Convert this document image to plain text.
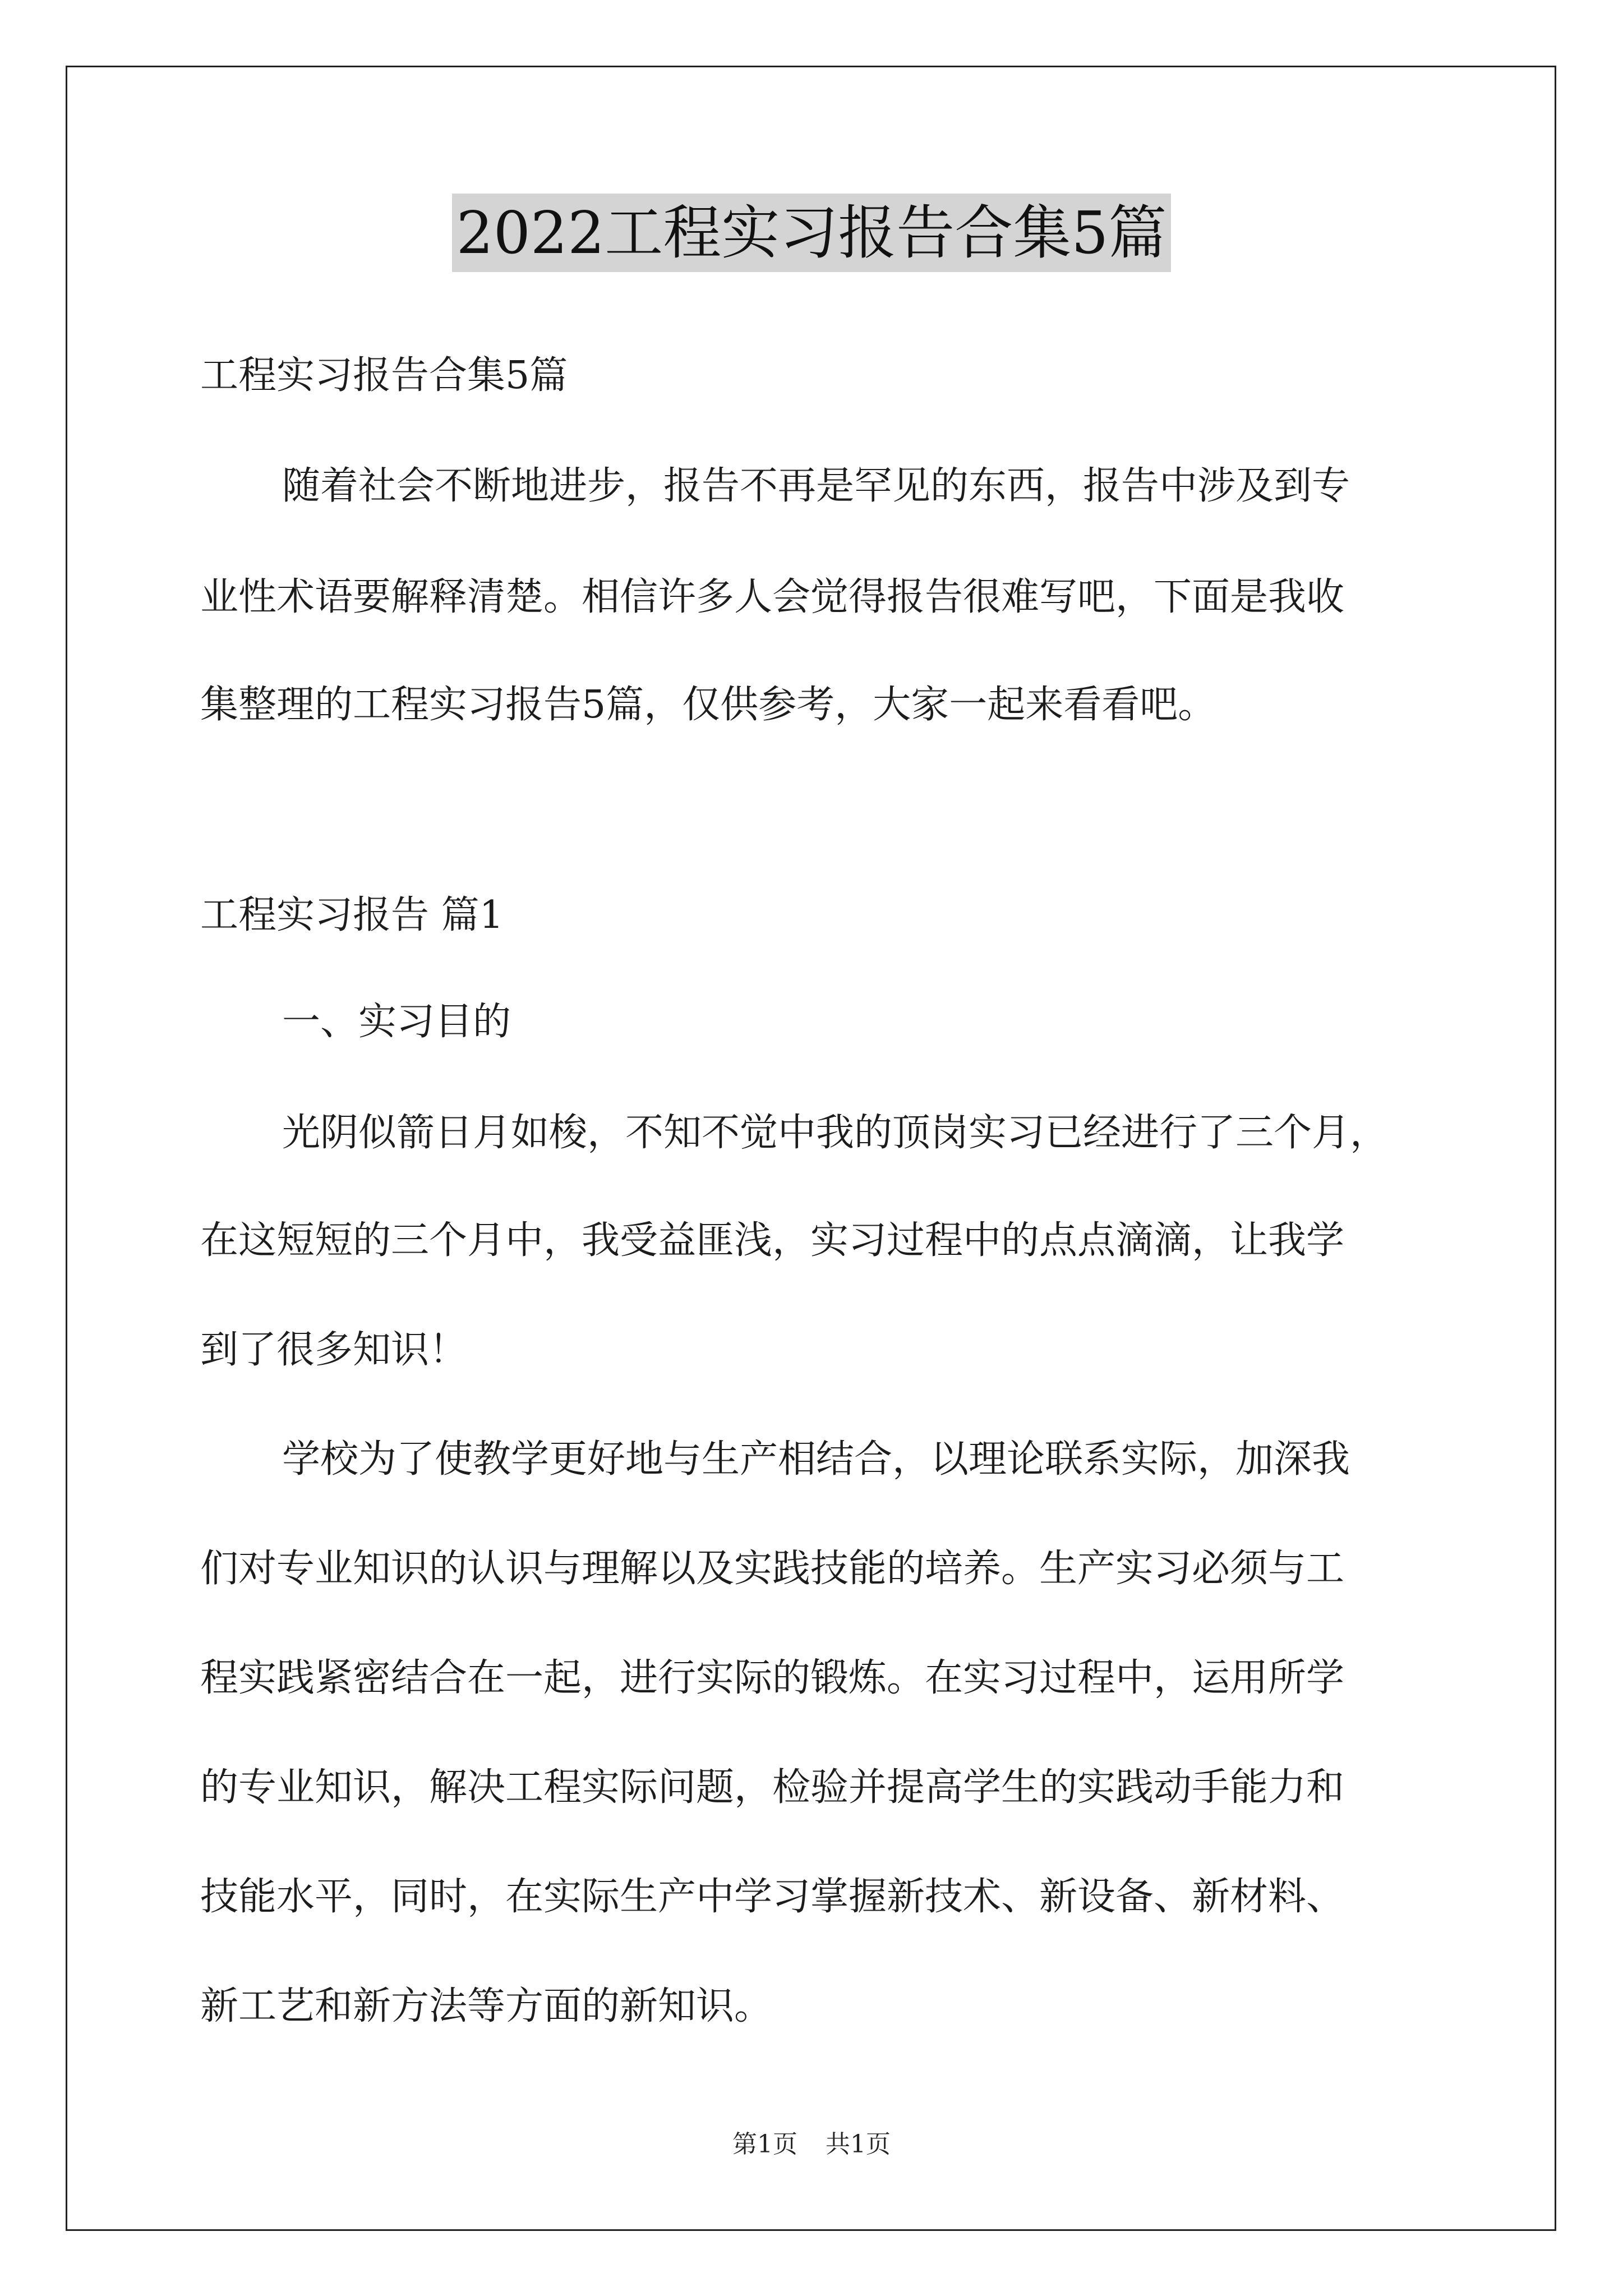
2022工程实习报告合集5篇
工程实习报告合集5篇
随着社会不断地进步，报告不再是罕见的东西，报告中涉及到专
业性术语要解释清楚。相信许多人会觉得报告很难写吧，下面是我收
集整理的工程实习报告5篇，仅供参考，大家一起来看看吧。
工程实习报告 篇1
一、实习目的
光阴似箭日月如梭，不知不觉中我的顶岗实习已经进行了三个月，
在这短短的三个月中，我受益匪浅，实习过程中的点点滴滴，让我学
到了很多知识！
学校为了使教学更好地与生产相结合，以理论联系实际，加深我
们对专业知识的认识与理解以及实践技能的培养。生产实习必须与工
程实践紧密结合在一起，进行实际的锻炼。在实习过程中，运用所学
的专业知识，解决工程实际问题，检验并提高学生的实践动手能力和
技能水平，同时，在实际生产中学习掌握新技术、新设备、新材料、
新工艺和新方法等方面的新知识。
第1页 共1页
